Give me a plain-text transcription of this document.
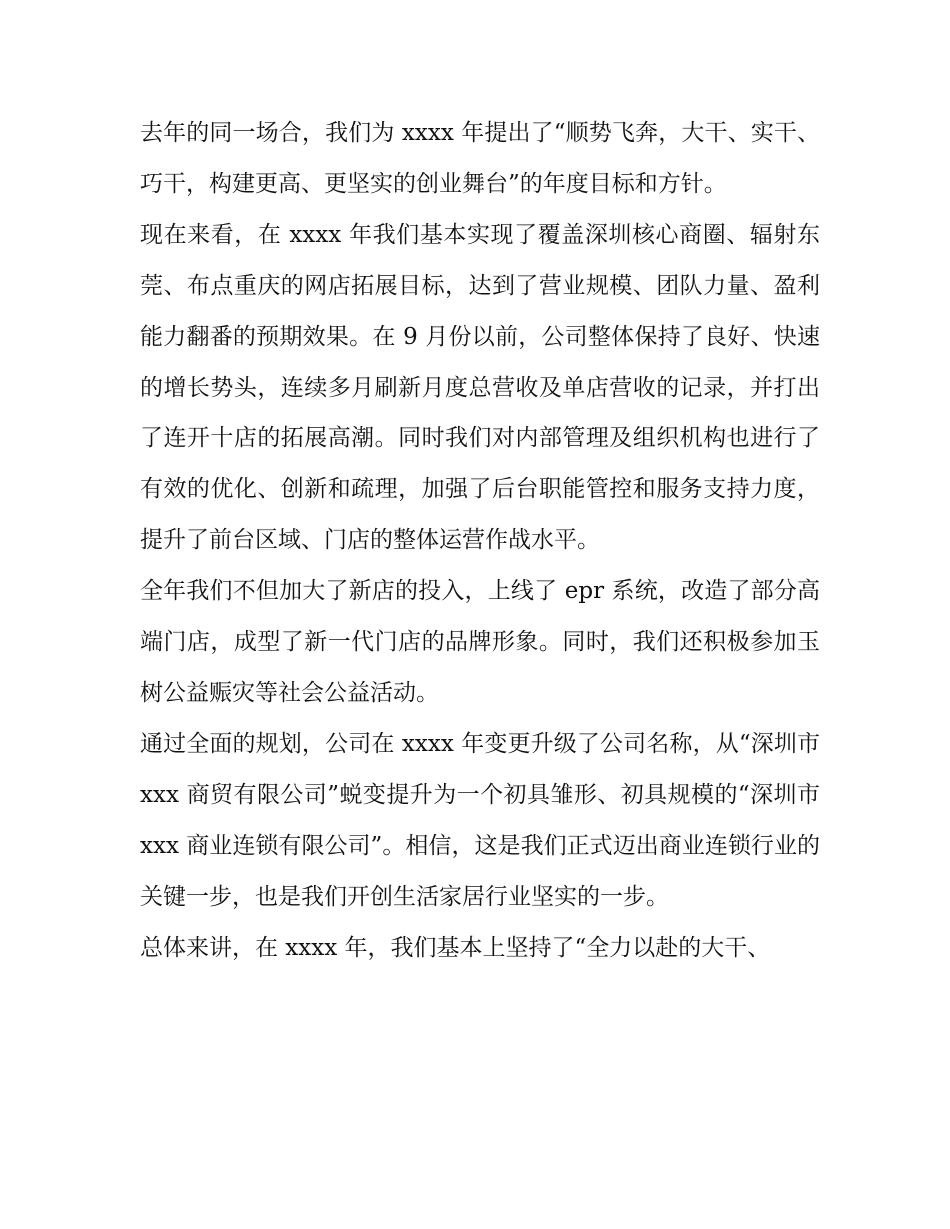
去年的同一场合，我们为 xxxx 年提出了“顺势飞奔，大干、实干、巧干，构建更高、更坚实的创业舞台”的年度目标和方针。

现在来看，在 xxxx 年我们基本实现了覆盖深圳核心商圈、辐射东莞、布点重庆的网店拓展目标，达到了营业规模、团队力量、盈利能力翻番的预期效果。在 9 月份以前，公司整体保持了良好、快速的增长势头，连续多月刷新月度总营收及单店营收的记录，并打出了连开十店的拓展高潮。同时我们对内部管理及组织机构也进行了有效的优化、创新和疏理，加强了后台职能管控和服务支持力度，提升了前台区域、门店的整体运营作战水平。

全年我们不但加大了新店的投入，上线了 epr 系统，改造了部分高端门店，成型了新一代门店的品牌形象。同时，我们还积极参加玉树公益赈灾等社会公益活动。

通过全面的规划，公司在 xxxx 年变更升级了公司名称，从“深圳市 xxx 商贸有限公司”蜕变提升为一个初具雏形、初具规模的“深圳市 xxx 商业连锁有限公司”。相信，这是我们正式迈出商业连锁行业的关键一步，也是我们开创生活家居行业坚实的一步。

总体来讲，在 xxxx 年，我们基本上坚持了“全力以赴的大干、
